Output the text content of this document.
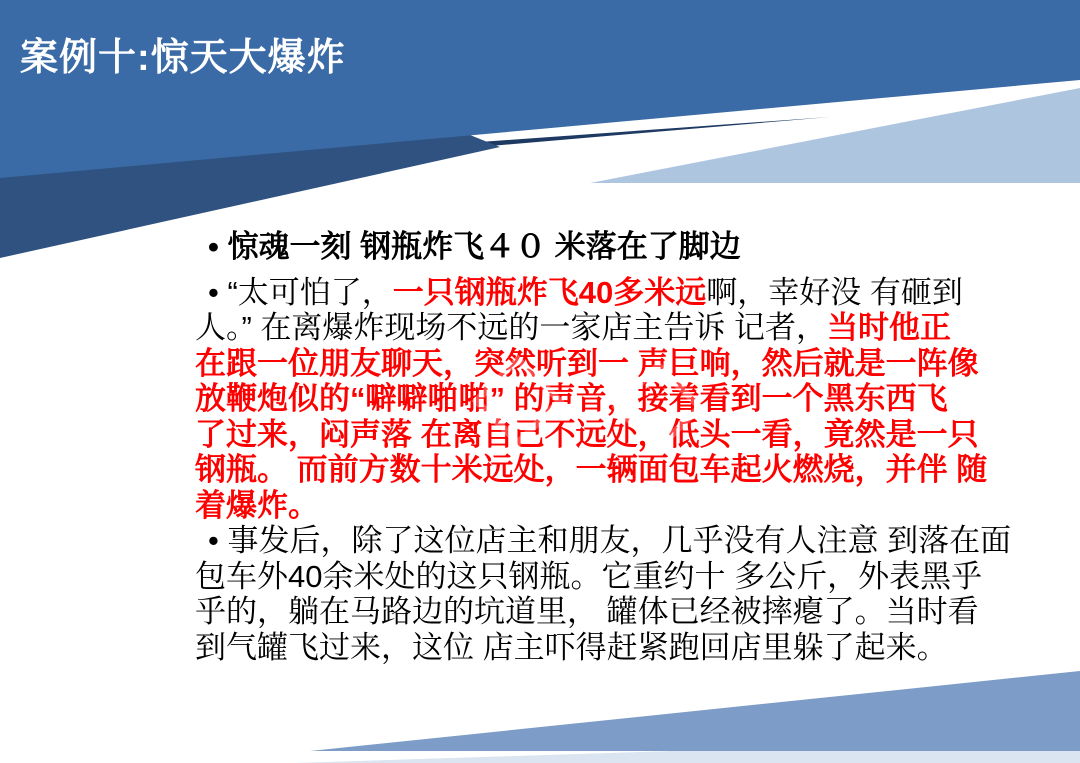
案例十:惊天大爆炸
• 惊魂一刻 钢瓶炸飞４０ 米落在了脚边
• “太可怕了，一只钢瓶炸飞40多米远啊，幸好没 有砸到
人。” 在离爆炸现场不远的一家店主告诉 记者，当时他正
在跟一位朋友聊天，突然听到一 声巨响，然后就是一阵像
放鞭炮似的“噼噼啪啪” 的声音，接着看到一个黑东西飞
了过来，闷声落 在离自己不远处，低头一看，竟然是一只
钢瓶。 而前方数十米远处，一辆面包车起火燃烧，并伴 随
着爆炸。
• 事发后，除了这位店主和朋友，几乎没有人注意 到落在面
包车外40余米处的这只钢瓶。它重约十 多公斤，外表黑乎
乎的，躺在马路边的坑道里， 罐体已经被摔瘪了。当时看
到气罐飞过来，这位 店主吓得赶紧跑回店里躲了起来。
